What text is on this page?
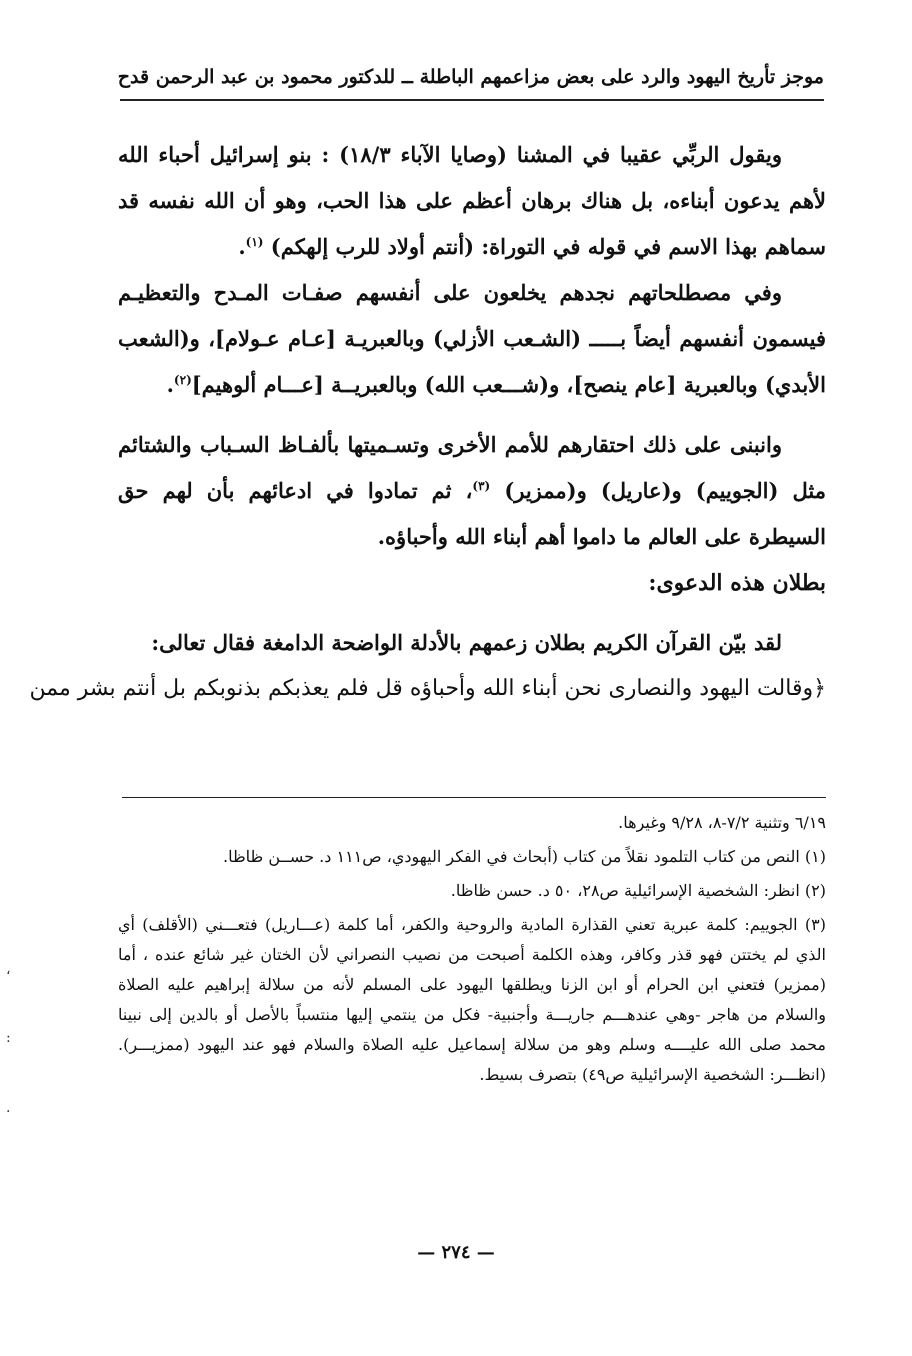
موجز تأريخ اليهود والرد على بعض مزاعمهم الباطلة ــ للدكتور محمود بن عبد الرحمن قدح

ويقول الربِّي عقيبا في المشنا (وصايا الآباء ١٨/٣) : بنو إسرائيل أحباء الله لأهم يدعون أبناءه، بل هناك برهان أعظم على هذا الحب، وهو أن الله نفسه قد سماهم بهذا الاسم في قوله في التوراة: (أنتم أولاد للرب إلهكم) $^{(١)}$.

وفي مصطلحاتهم نجدهم يخلعون على أنفسهم صفـات المـدح والتعظيـم فيسمون أنفسهم أيضاً بـــــ (الشـعب الأزلي) وبالعبريـة [عـام عـولام]، و(الشعب الأبدي) وبالعبرية [عام ينصح]، و(شـــعب الله) وبالعبريــة [عـــام ألوهيم]$^{(٢)}$.

وانبنى على ذلك احتقارهم للأمم الأخرى وتسـميتها بألفـاظ السـباب والشتائم مثل (الجوييم) و(عاريل) و(ممزير) $^{(٣)}$، ثم تمادوا في ادعائهم بأن لهم حق السيطرة على العالم ما داموا أهم أبناء الله وأحباؤه.

بطلان هذه الدعوى:

لقد بيّن القرآن الكريم بطلان زعمهم بالأدلة الواضحة الدامغة فقال تعالى:

﴿وقالت اليهود والنصارى نحن أبناء الله وأحباؤه قل فلم يعذبكم بذنوبكم بل أنتم بشر ممن

٦/١٩ وتثنية ٧/٢-٨، ٩/٢٨ وغيرها.

(١) النص من كتاب التلمود نقلاً من كتاب (أبحاث في الفكر اليهودي، ص١١١ د. حســن ظاظا.

(٢) انظر: الشخصية الإسرائيلية ص٢٨، ٥٠ د. حسن ظاظا.

(٣) الجوييم: كلمة عبرية تعني القذارة المادية والروحية والكفر، أما كلمة (عـــاريل) فتعـــني (الأقلف) أي الذي لم يختتن فهو قذر وكافر، وهذه الكلمة أصبحت من نصيب النصراني لأن الختان غير شائع عنده ، أما (ممزير) فتعني ابن الحرام أو ابن الزنا ويطلقها اليهود على المسلم لأنه من سلالة إبراهيم عليه الصلاة والسلام من هاجر -وهي عندهـــم جاريـــة وأجنبية- فكل من ينتمي إليها منتسباً بالأصل أو بالدين إلى نبينا محمد صلى الله عليــــه وسلم وهو من سلالة إسماعيل عليه الصلاة والسلام فهو عند اليهود (ممزيـــر). (انظـــر: الشخصية الإسرائيلية ص٤٩) بتصرف بسيط.

— ٢٧٤ —
،
:
.
